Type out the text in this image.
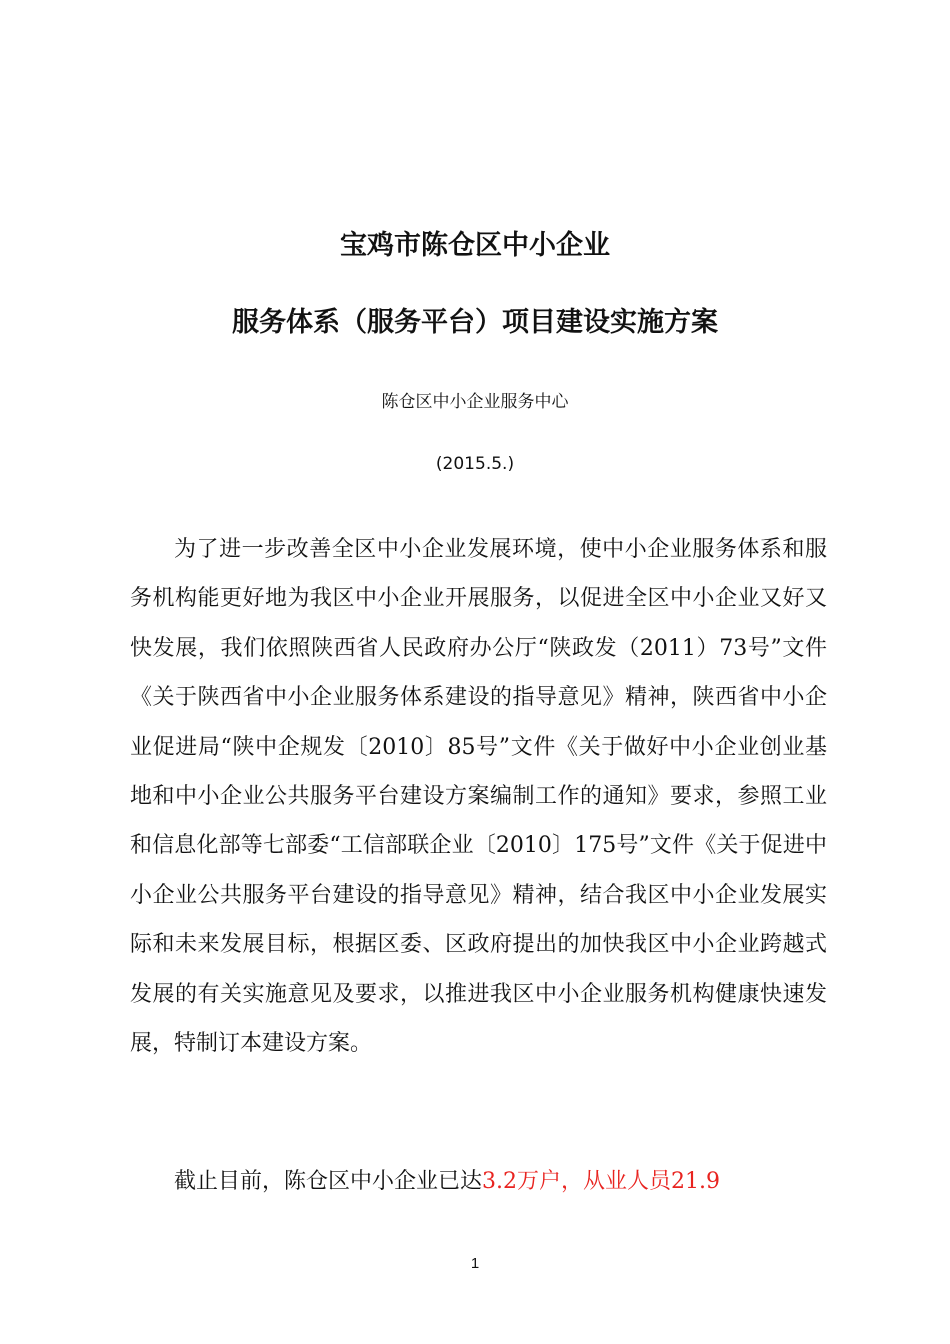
宝鸡市陈仓区中小企业
服务体系（服务平台）项目建设实施方案
陈仓区中小企业服务中心
(2015.5.)

为了进一步改善全区中小企业发展环境，使中小企业服务体系和服务机构能更好地为我区中小企业开展服务，以促进全区中小企业又好又快发展，我们依照陕西省人民政府办公厅“陕政发（2011）73号”文件《关于陕西省中小企业服务体系建设的指导意见》精神，陕西省中小企业促进局“陕中企规发〔2010〕85号”文件《关于做好中小企业创业基地和中小企业公共服务平台建设方案编制工作的通知》要求，参照工业和信息化部等七部委“工信部联企业〔2010〕175号”文件《关于促进中小企业公共服务平台建设的指导意见》精神，结合我区中小企业发展实际和未来发展目标，根据区委、区政府提出的加快我区中小企业跨越式发展的有关实施意见及要求，以推进我区中小企业服务机构健康快速发展，特制订本建设方案。

截止目前，陈仓区中小企业已达3.2万户，从业人员21.9

1
